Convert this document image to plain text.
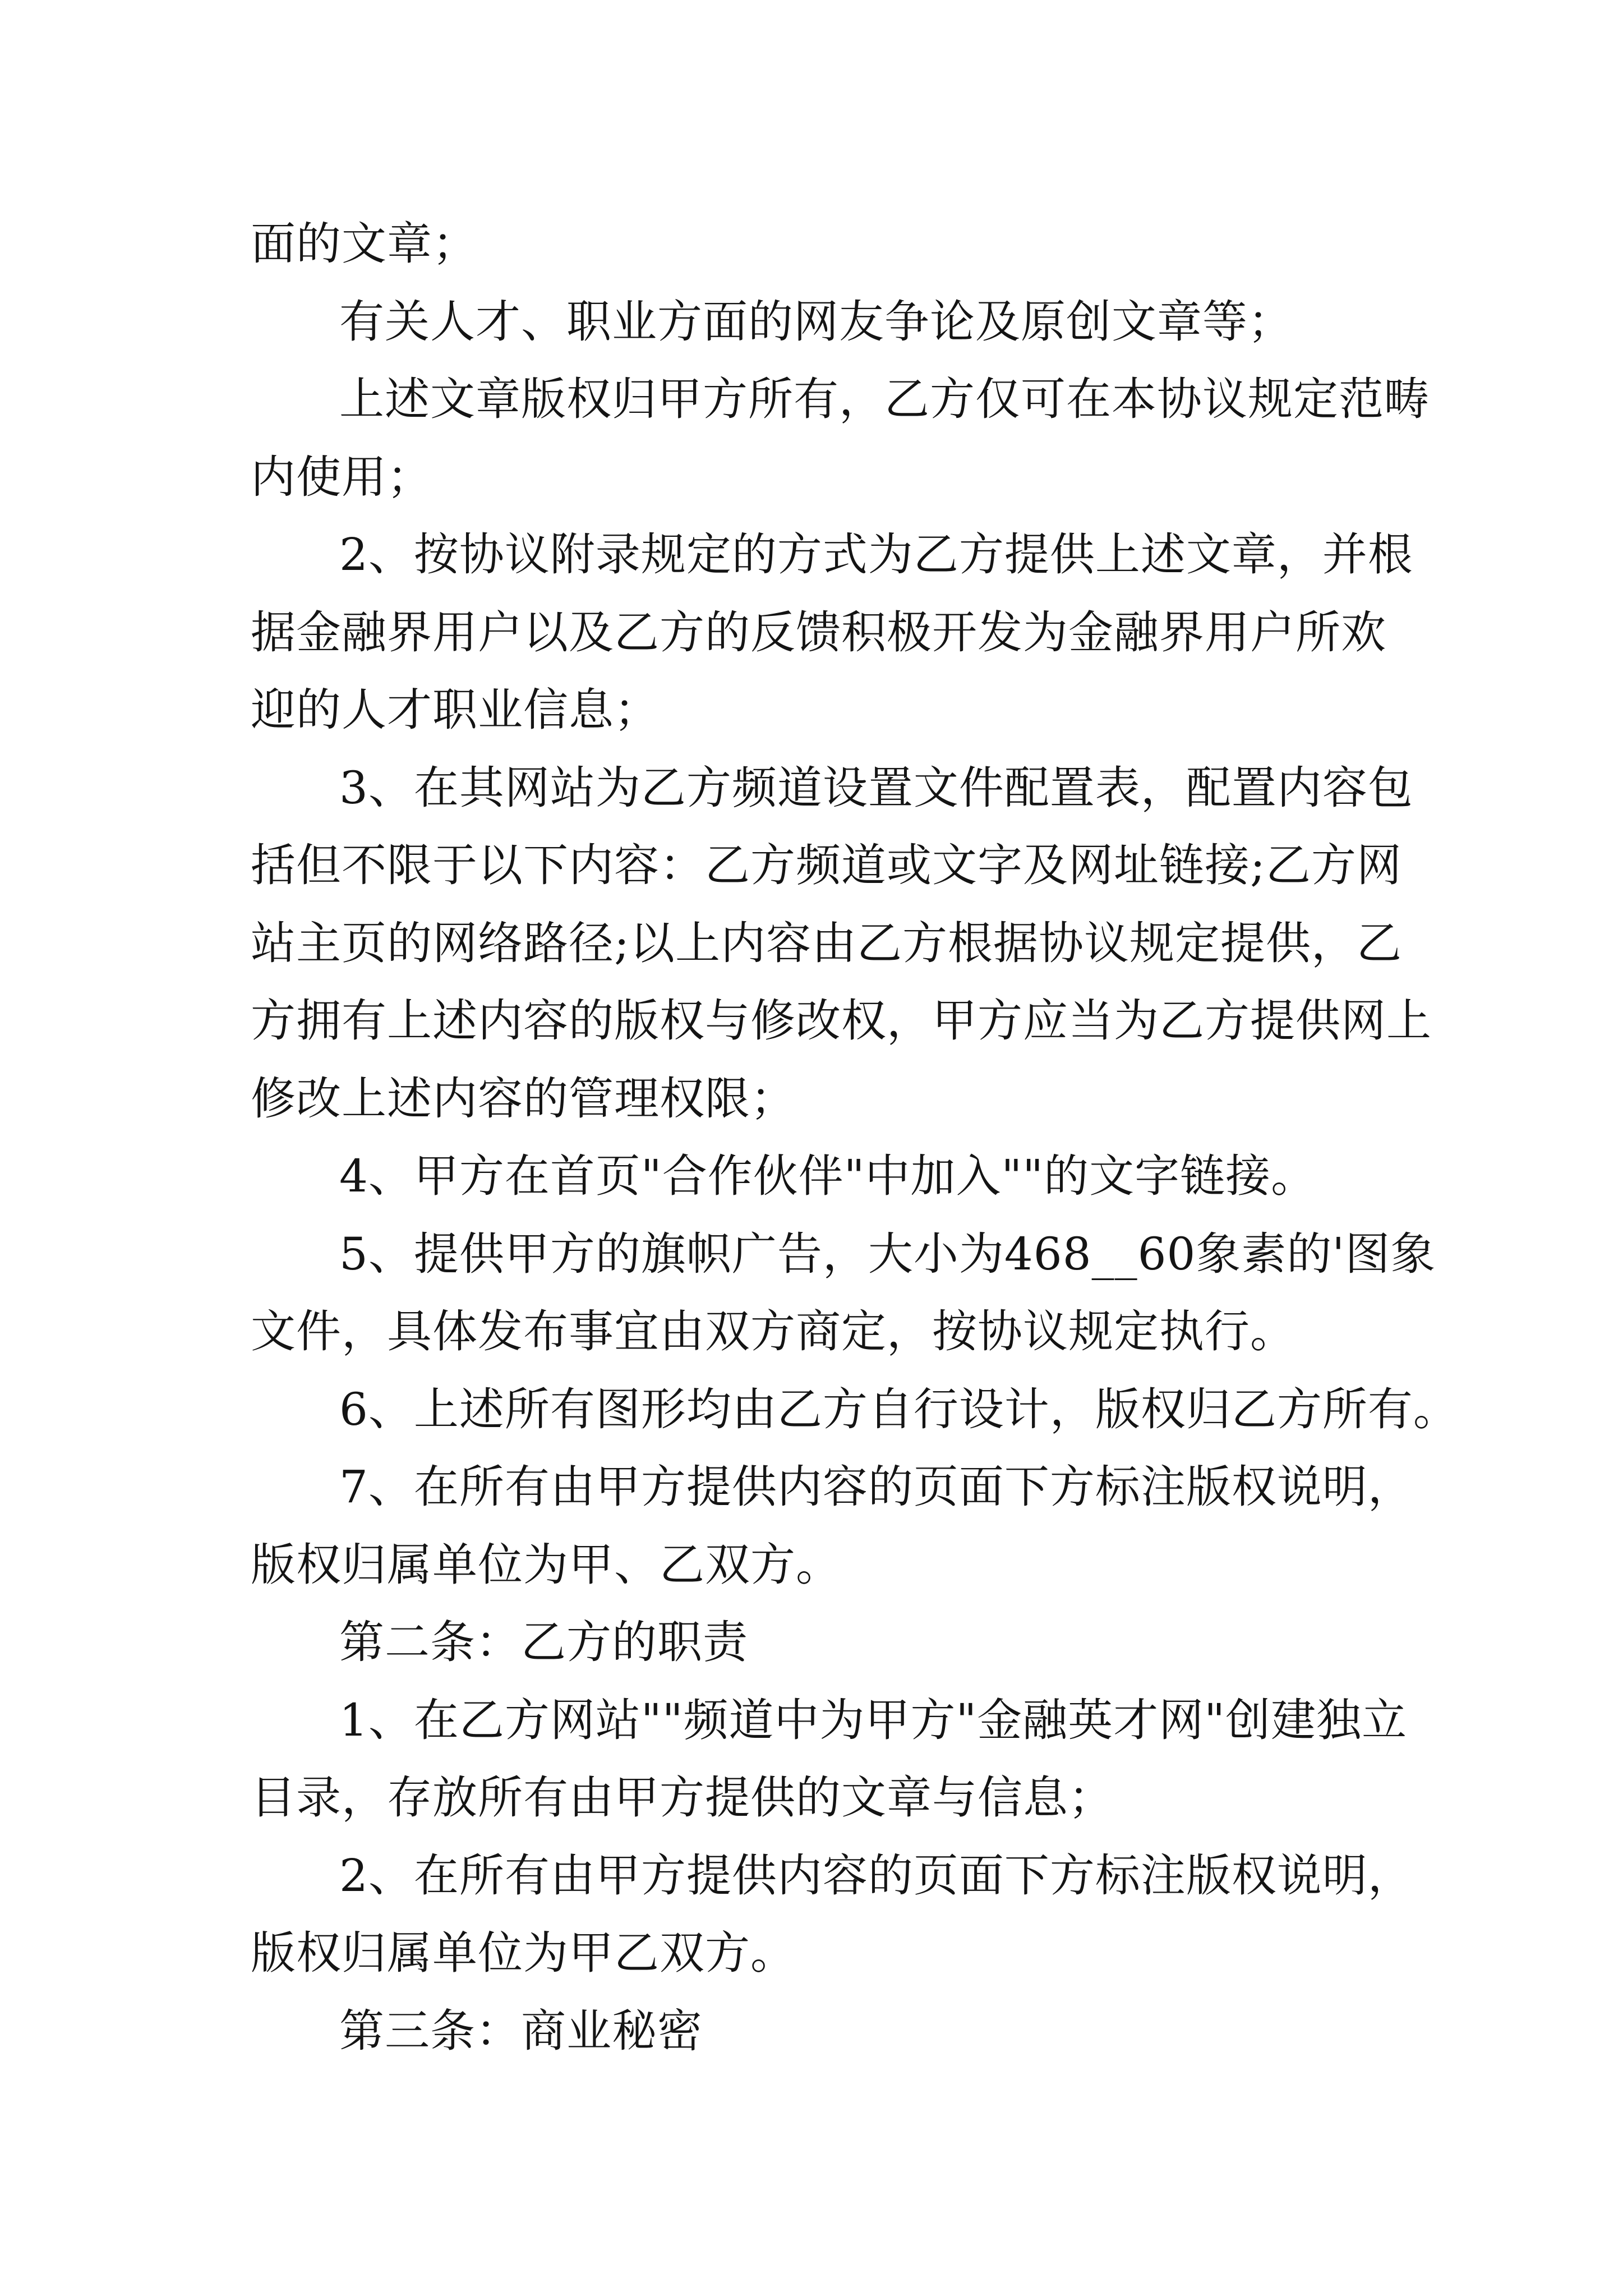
面的文章；
有关人才、职业方面的网友争论及原创文章等；
上述文章版权归甲方所有，乙方仅可在本协议规定范畴
内使用；
2、按协议附录规定的方式为乙方提供上述文章，并根
据金融界用户以及乙方的反馈积极开发为金融界用户所欢
迎的人才职业信息；
3、在其网站为乙方频道设置文件配置表，配置内容包
括但不限于以下内容：乙方频道或文字及网址链接;乙方网
站主页的网络路径;以上内容由乙方根据协议规定提供，乙
方拥有上述内容的版权与修改权，甲方应当为乙方提供网上
修改上述内容的管理权限；
4、甲方在首页"合作伙伴"中加入""的文字链接。
5、提供甲方的旗帜广告，大小为468__60象素的'图象
文件，具体发布事宜由双方商定，按协议规定执行。
6、上述所有图形均由乙方自行设计，版权归乙方所有。
7、在所有由甲方提供内容的页面下方标注版权说明，
版权归属单位为甲、乙双方。
第二条：乙方的职责
1、在乙方网站""频道中为甲方"金融英才网"创建独立
目录，存放所有由甲方提供的文章与信息；
2、在所有由甲方提供内容的页面下方标注版权说明，
版权归属单位为甲乙双方。
第三条：商业秘密
